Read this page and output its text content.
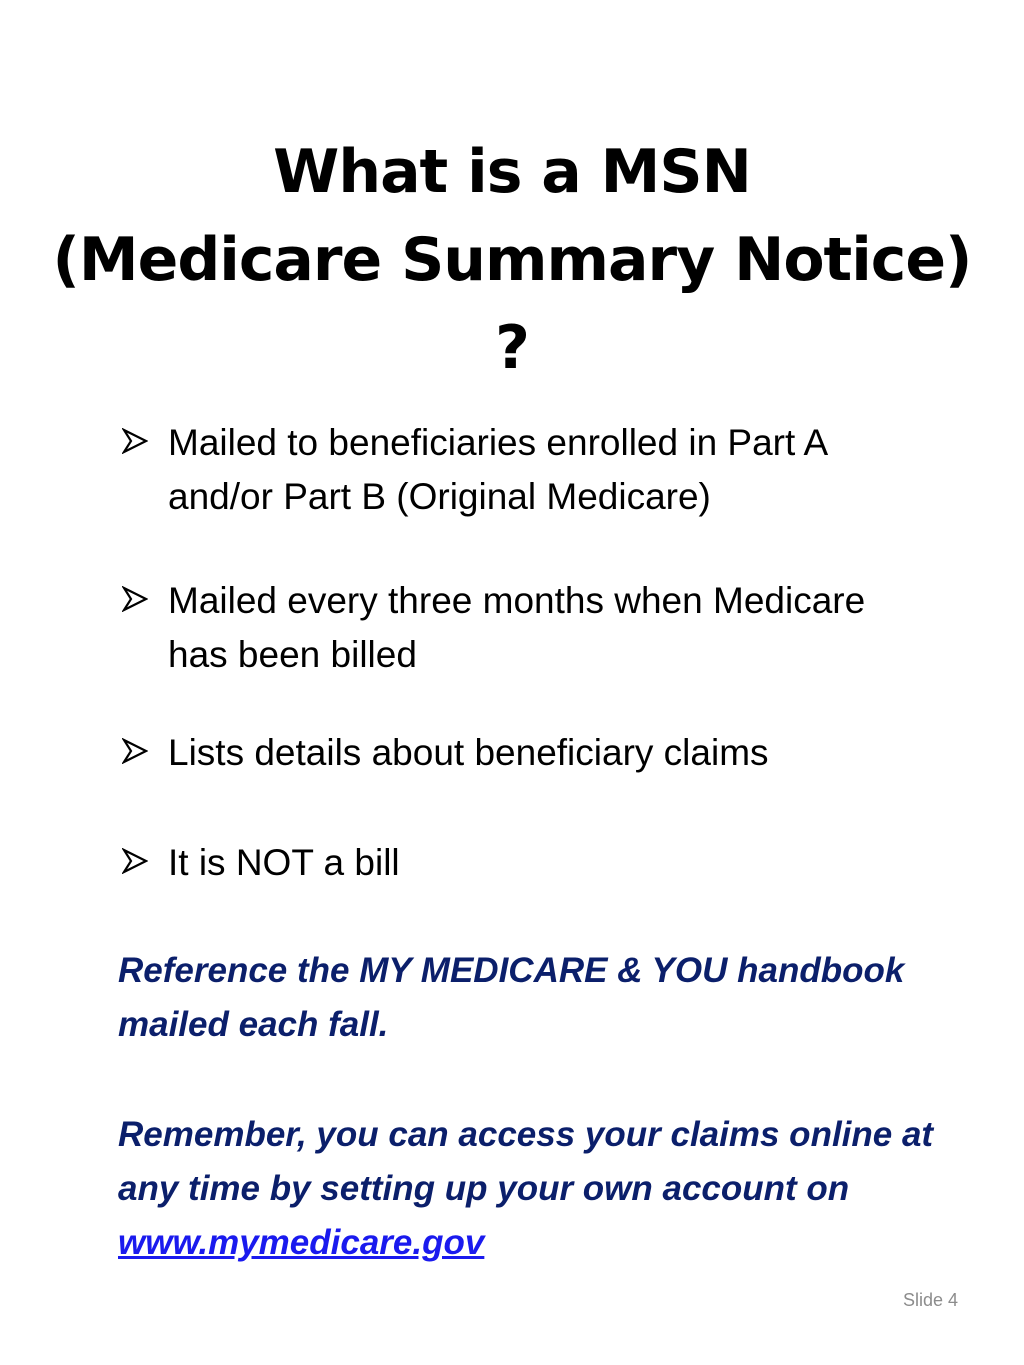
What is a MSN
(Medicare Summary Notice)
?
Mailed to beneficiaries enrolled in Part A and/or Part B (Original Medicare)
Mailed every three months when Medicare has been billed
Lists details about beneficiary claims
It is NOT a bill

Reference the MY MEDICARE & YOU handbook mailed each fall.

Remember, you can access your claims online at any time by setting up your own account on www.mymedicare.gov

Slide 4
